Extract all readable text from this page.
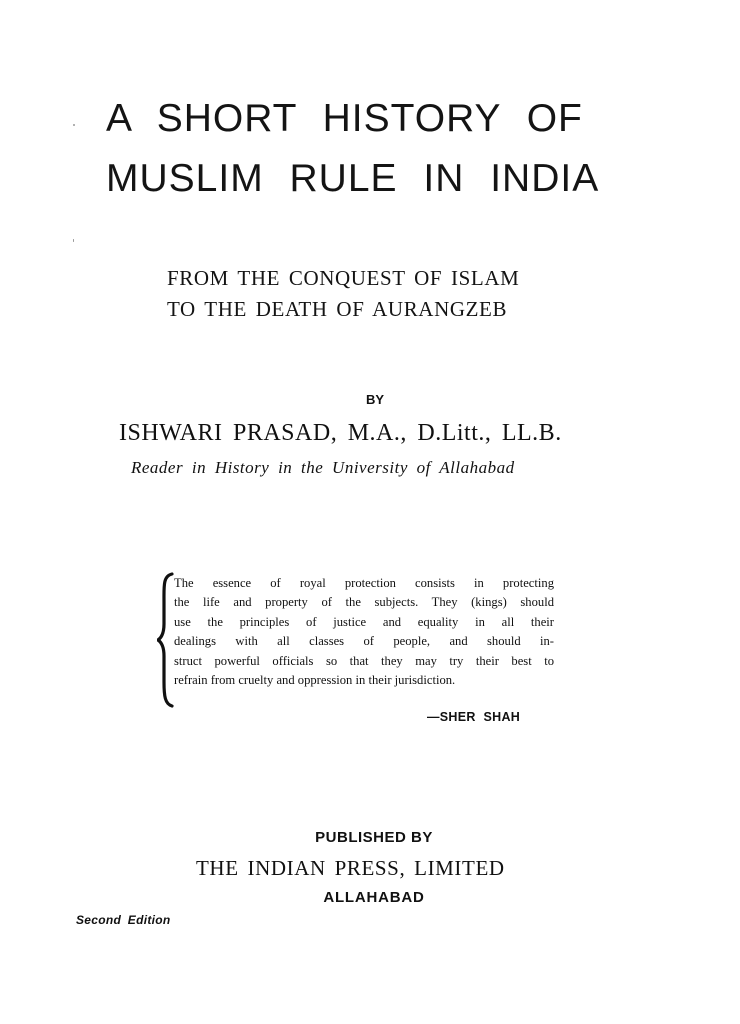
A SHORT HISTORY OF
MUSLIM RULE IN INDIA
FROM THE CONQUEST OF ISLAM
TO THE DEATH OF AURANGZEB
BY
ISHWARI PRASAD, M.A., D.Litt., LL.B.
Reader in History in the University of Allahabad
The essence of royal protection consists in protecting
the life and property of the subjects. They (kings) should
use the principles of justice and equality in all their
dealings with all classes of people, and should in-
struct powerful officials so that they may try their best to
refrain from cruelty and oppression in their jurisdiction.
—SHER SHAH
PUBLISHED BY
THE INDIAN PRESS, LIMITED
ALLAHABAD
Second Edition
